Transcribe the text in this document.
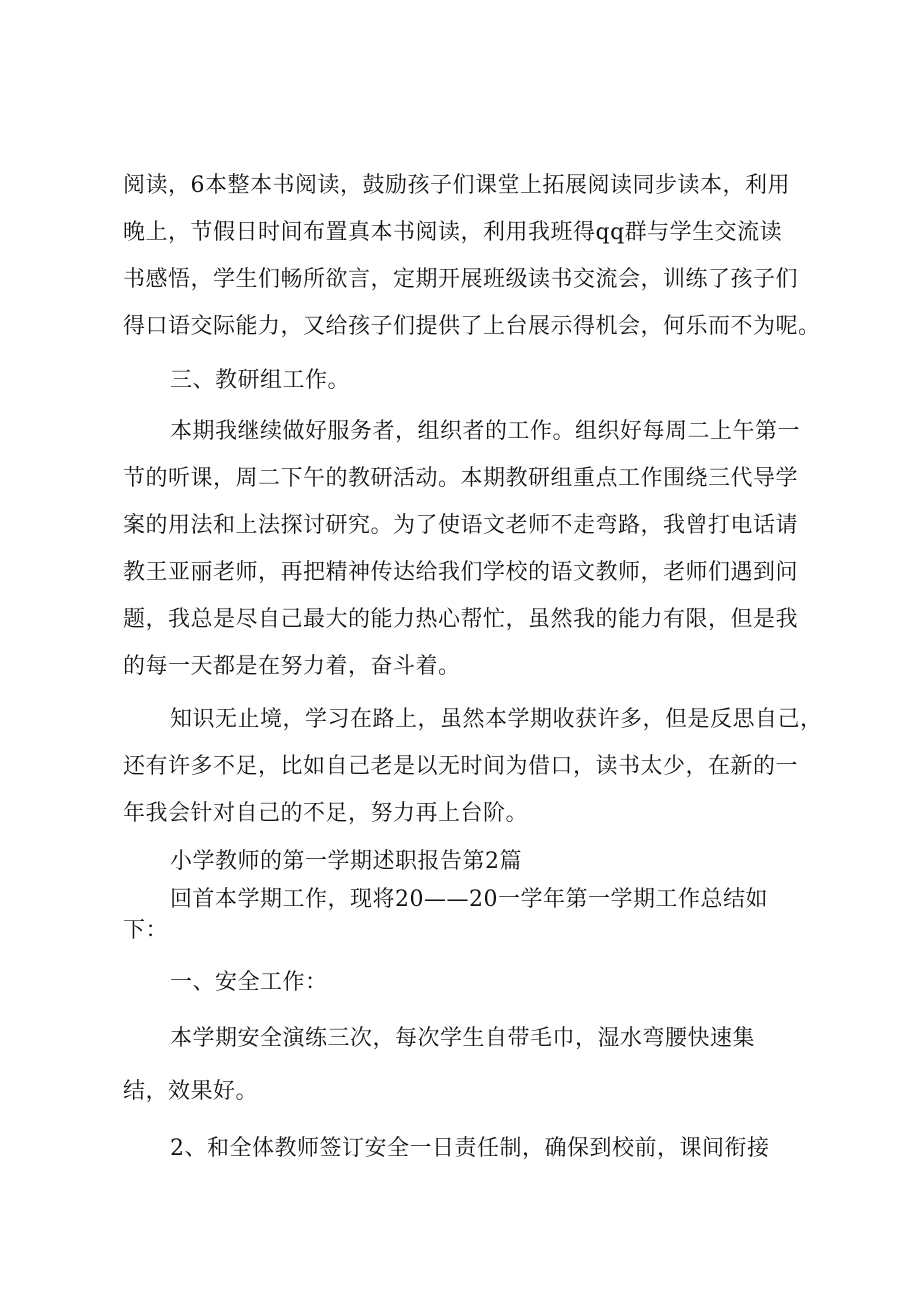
阅读，6本整本书阅读，鼓励孩子们课堂上拓展阅读同步读本，利用
晚上，节假日时间布置真本书阅读，利用我班得qq群与学生交流读
书感悟，学生们畅所欲言，定期开展班级读书交流会，训练了孩子们
得口语交际能力，又给孩子们提供了上台展示得机会，何乐而不为呢。
三、教研组工作。
本期我继续做好服务者，组织者的工作。组织好每周二上午第一
节的听课，周二下午的教研活动。本期教研组重点工作围绕三代导学
案的用法和上法探讨研究。为了使语文老师不走弯路，我曾打电话请
教王亚丽老师，再把精神传达给我们学校的语文教师，老师们遇到问
题，我总是尽自己最大的能力热心帮忙，虽然我的能力有限，但是我
的每一天都是在努力着，奋斗着。
知识无止境，学习在路上，虽然本学期收获许多，但是反思自己，
还有许多不足，比如自己老是以无时间为借口，读书太少，在新的一
年我会针对自己的不足，努力再上台阶。
小学教师的第一学期述职报告第2篇
回首本学期工作，现将20——20一学年第一学期工作总结如
下：
一、安全工作：
本学期安全演练三次，每次学生自带毛巾，湿水弯腰快速集
结，效果好。
2、和全体教师签订安全一日责任制，确保到校前，课间衔接
